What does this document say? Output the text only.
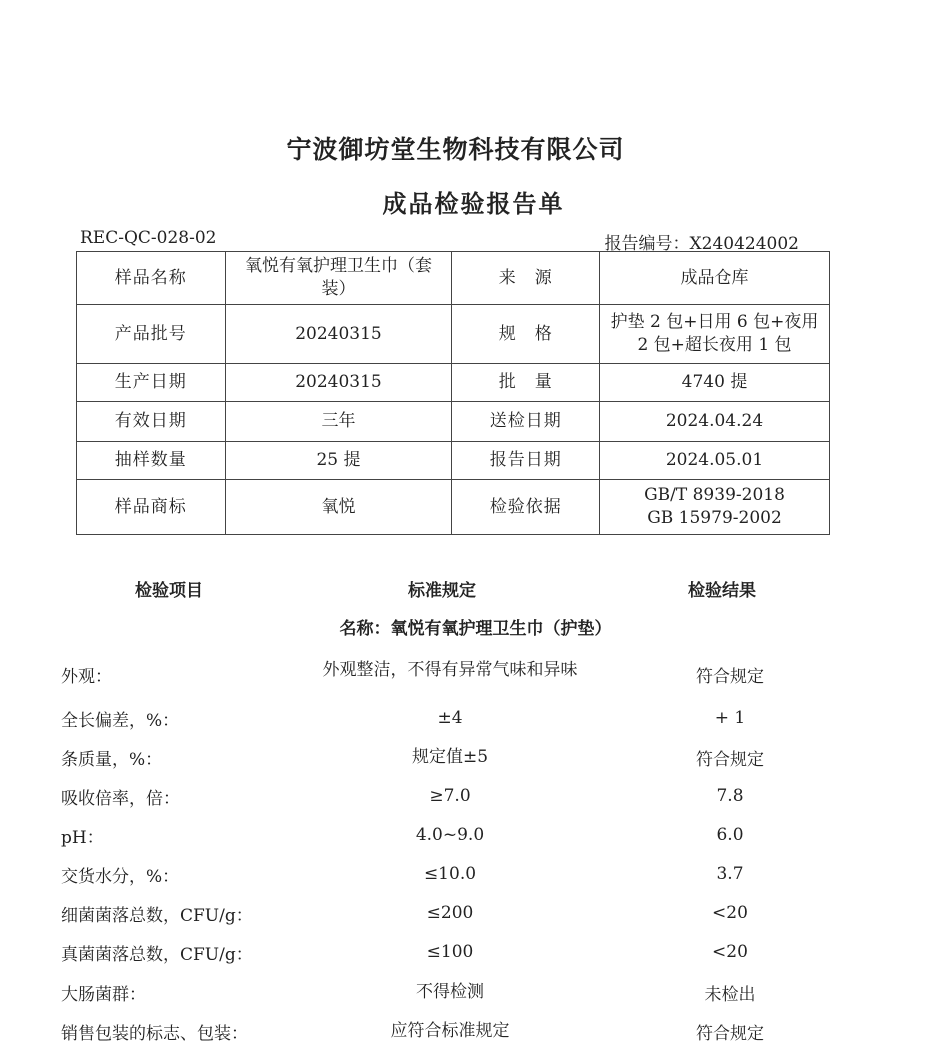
宁波御坊堂生物科技有限公司
成品检验报告单
REC-QC-028-02	报告编号：X240424002
样品名称	氧悦有氧护理卫生巾（套装）	来　源	成品仓库
产品批号	20240315	规　格	护垫 2 包+日用 6 包+夜用 2 包+超长夜用 1 包
生产日期	20240315	批　量	4740 提
有效日期	三年	送检日期	2024.04.24
抽样数量	25 提	报告日期	2024.05.01
样品商标	氧悦	检验依据	GB/T 8939-2018
GB 15979-2002
检验项目	标准规定	检验结果
名称：氧悦有氧护理卫生巾（护垫）
外观：	外观整洁，不得有异常气味和异味	符合规定
全长偏差，%：	±4	+ 1
条质量，%：	规定值±5	符合规定
吸收倍率，倍：	≥7.0	7.8
pH：	4.0~9.0	6.0
交货水分，%：	≤10.0	3.7
细菌菌落总数，CFU/g：	≤200	<20
真菌菌落总数，CFU/g：	≤100	<20
大肠菌群：	不得检测	未检出
销售包装的标志、包装：	应符合标准规定	符合规定
